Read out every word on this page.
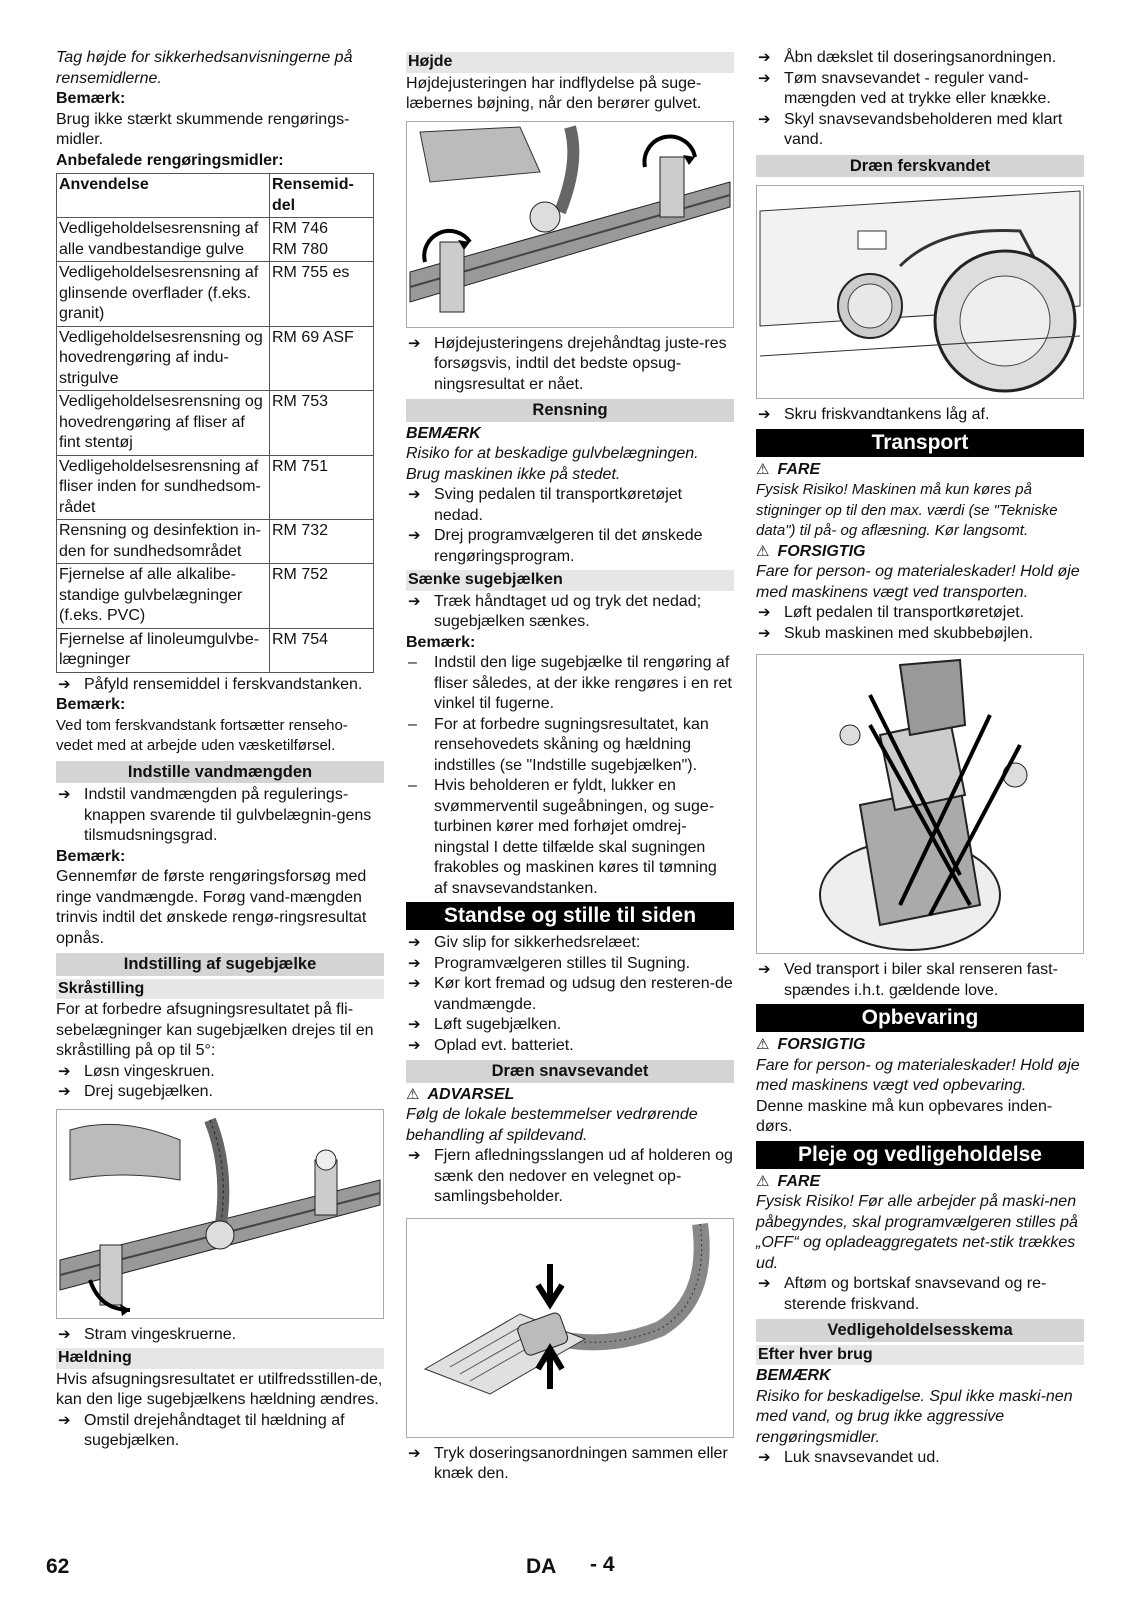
Tag højde for sikkerhedsanvisningerne på rensemidlerne.

Bemærk:

Brug ikke stærkt skummende rengørings-midler.

Anbefalede rengøringsmidler:

Anvendelse	Rensemid-del
Vedligeholdelsesrensning af alle vandbestandige gulve	RM 746
RM 780
Vedligeholdelsesrensning af glinsende overflader (f.eks. granit)	RM 755 es
Vedligeholdelsesrensning og hovedrengøring af indu-strigulve	RM 69 ASF
Vedligeholdelsesrensning og hovedrengøring af fliser af fint stentøj	RM 753
Vedligeholdelsesrensning af fliser inden for sundhedsom-rådet	RM 751
Rensning og desinfektion in-den for sundhedsområdet	RM 732
Fjernelse af alle alkalibe-standige gulvbelægninger (f.eks. PVC)	RM 752
Fjernelse af linoleumgulvbe-lægninger	RM 754

➔ Påfyld rensemiddel i ferskvandstanken.

Bemærk:

Ved tom ferskvandstank fortsætter renseho-vedet med at arbejde uden væsketilførsel.

Indstille vandmængden

➔ Indstil vandmængden på regulerings-knappen svarende til gulvbelægnin-gens tilsmudsningsgrad.

Bemærk:

Gennemfør de første rengøringsforsøg med ringe vandmængde. Forøg vand-mængden trinvis indtil det ønskede rengø-ringsresultat opnås.

Indstilling af sugebjælke
Skråstilling

For at forbedre afsugningsresultatet på fli-sebelægninger kan sugebjælken drejes til en skråstilling på op til 5°:

➔ Løsn vingeskruen.

➔ Drej sugebjælken.

➔ Stram vingeskruerne.

Hældning

Hvis afsugningsresultatet er utilfredsstillen-de, kan den lige sugebjælkens hældning ændres.

➔ Omstil drejehåndtaget til hældning af sugebjælken.

Højde

Højdejusteringen har indflydelse på suge-læbernes bøjning, når den berører gulvet.

➔ Højdejusteringens drejehåndtag juste-res forsøgsvis, indtil det bedste opsug-ningsresultat er nået.

Rensning

BEMÆRK

Risiko for at beskadige gulvbelægningen. Brug maskinen ikke på stedet.

➔ Sving pedalen til transportkøretøjet nedad.

➔ Drej programvælgeren til det ønskede rengøringsprogram.

Sænke sugebjælken

➔ Træk håndtaget ud og tryk det nedad; sugebjælken sænkes.

Bemærk:

– Indstil den lige sugebjælke til rengøring af fliser således, at der ikke rengøres i en ret vinkel til fugerne.

– For at forbedre sugningsresultatet, kan rensehovedets skåning og hældning indstilles (se "Indstille sugebjælken").

– Hvis beholderen er fyldt, lukker en svømmerventil sugeåbningen, og suge-turbinen kører med forhøjet omdrej-ningstal I dette tilfælde skal sugningen frakobles og maskinen køres til tømning af snavsevandstanken.

Standse og stille til siden

➔ Giv slip for sikkerhedsrelæet:

➔ Programvælgeren stilles til Sugning.

➔ Kør kort fremad og udsug den resteren-de vandmængde.

➔ Løft sugebjælken.

➔ Oplad evt. batteriet.

Dræn snavsevandet

⚠ ADVARSEL

Følg de lokale bestemmelser vedrørende behandling af spildevand.

➔ Fjern afledningsslangen ud af holderen og sænk den nedover en velegnet op-samlingsbeholder.

➔ Tryk doseringsanordningen sammen eller knæk den.

➔ Åbn dækslet til doseringsanordningen.

➔ Tøm snavsevandet - reguler vand-mængden ved at trykke eller knække.

➔ Skyl snavsevandsbeholderen med klart vand.

Dræn ferskvandet

➔ Skru friskvandtankens låg af.

Transport

⚠ FARE

Fysisk Risiko! Maskinen må kun køres på stigninger op til den max. værdi (se "Tekniske data") til på- og aflæsning. Kør langsomt.

⚠ FORSIGTIG

Fare for person- og materialeskader! Hold øje med maskinens vægt ved transporten.

➔ Løft pedalen til transportkøretøjet.

➔ Skub maskinen med skubbebøjlen.

➔ Ved transport i biler skal renseren fast-spændes i.h.t. gældende love.

Opbevaring

⚠ FORSIGTIG

Fare for person- og materialeskader! Hold øje med maskinens vægt ved opbevaring.

Denne maskine må kun opbevares inden-dørs.

Pleje og vedligeholdelse

⚠ FARE

Fysisk Risiko! Før alle arbejder på maski-nen påbegyndes, skal programvælgeren stilles på „OFF“ og opladeaggregatets net-stik trækkes ud.

➔ Aftøm og bortskaf snavsevand og re-sterende friskvand.

Vedligeholdelsesskema
Efter hver brug

BEMÆRK

Risiko for beskadigelse. Spul ikke maski-nen med vand, og brug ikke aggressive rengøringsmidler.

➔ Luk snavsevandet ud.

62	DA - 4
